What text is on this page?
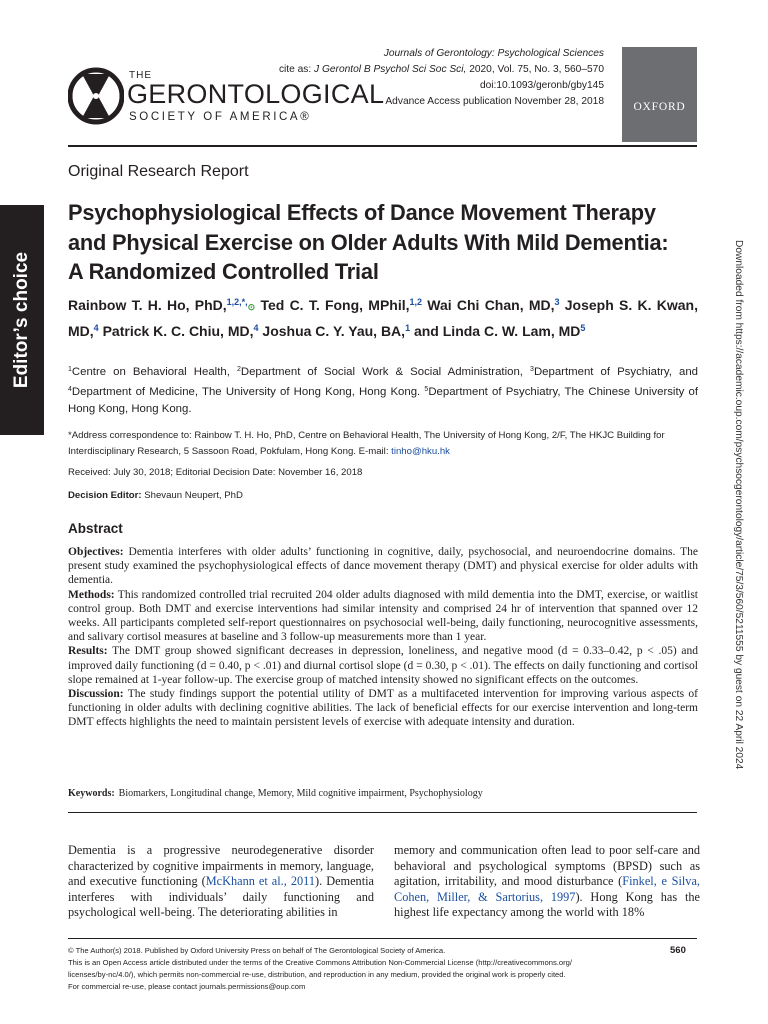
Editor’s choice	Downloaded from https://academic.oup.com/psychsocgerontology/article/75/3/560/5211555 by guest on 22 April 2024
THE
GERONTOLOGICAL
SOCIETY OF AMERICA®
Journals of Gerontology: Psychological Sciences
cite as: J Gerontol B Psychol Sci Soc Sci, 2020, Vol. 75, No. 3, 560–570
doi:10.1093/geronb/gby145
Advance Access publication November 28, 2018	OXFORD
Original Research Report
Psychophysiological Effects of Dance Movement Therapy
and Physical Exercise on Older Adults With Mild Dementia:
A Randomized Controlled Trial
Rainbow T. H. Ho, PhD,$^{1,2,*,}$⊙ Ted C. T. Fong, MPhil,$^{1,2}$ Wai Chi Chan, MD,$^3$ Joseph S. K. Kwan, MD,$^4$ Patrick K. C. Chiu, MD,$^4$ Joshua C. Y. Yau, BA,$^1$ and Linda C. W. Lam, $MD^5$
$^1$Centre on Behavioral Health, $^2$Department of Social Work & Social Administration, $^3$Department of Psychiatry, and $^4$Department of Medicine, The University of Hong Kong, Hong Kong. $^5$Department of Psychiatry, The Chinese University of Hong Kong, Hong Kong.
*Address correspondence to: Rainbow T. H. Ho, PhD, Centre on Behavioral Health, The University of Hong Kong, 2/F, The HKJC Building for Interdisciplinary Research, 5 Sassoon Road, Pokfulam, Hong Kong. E-mail: tinho@hku.hk
Received: July 30, 2018; Editorial Decision Date: November 16, 2018
Decision Editor: Shevaun Neupert, PhD
Abstract

Objectives: Dementia interferes with older adults’ functioning in cognitive, daily, psychosocial, and neuroendocrine domains. The present study examined the psychophysiological effects of dance movement therapy (DMT) and physical exercise for older adults with dementia.

Methods: This randomized controlled trial recruited 204 older adults diagnosed with mild dementia into the DMT, exercise, or waitlist control group. Both DMT and exercise interventions had similar intensity and comprised 24 hr of intervention that spanned over 12 weeks. All participants completed self-report questionnaires on psychosocial well-being, daily functioning, neurocognitive assessments, and salivary cortisol measures at baseline and 3 follow-up measurements more than 1 year.

Results: The DMT group showed significant decreases in depression, loneliness, and negative mood (d = 0.33–0.42, p < .05) and improved daily functioning (d = 0.40, p < .01) and diurnal cortisol slope (d = 0.30, p < .01). The effects on daily functioning and cortisol slope remained at 1-year follow-up. The exercise group of matched intensity showed no significant effects on the outcomes.

Discussion: The study findings support the potential utility of DMT as a multifaceted intervention for improving various aspects of functioning in older adults with declining cognitive abilities. The lack of beneficial effects for our exercise intervention and long-term DMT effects highlights the need to maintain persistent levels of exercise with adequate intensity and duration.

Keywords: Biomarkers, Longitudinal change, Memory, Mild cognitive impairment, Psychophysiology
Dementia is a progressive neurodegenerative disorder characterized by cognitive impairments in memory, language, and executive functioning (McKhann et al., 2011). Dementia interferes with individuals’ daily functioning and psychological well-being. The deteriorating abilities in
memory and communication often lead to poor self-care and behavioral and psychological symptoms (BPSD) such as agitation, irritability, and mood disturbance (Finkel, e Silva, Cohen, Miller, & Sartorius, 1997). Hong Kong has the highest life expectancy among the world with 18%
© The Author(s) 2018. Published by Oxford University Press on behalf of The Gerontological Society of America.
This is an Open Access article distributed under the terms of the Creative Commons Attribution Non-Commercial License (http://creativecommons.org/
licenses/by-nc/4.0/), which permits non-commercial re-use, distribution, and reproduction in any medium, provided the original work is properly cited.
For commercial re-use, please contact journals.permissions@oup.com
560
